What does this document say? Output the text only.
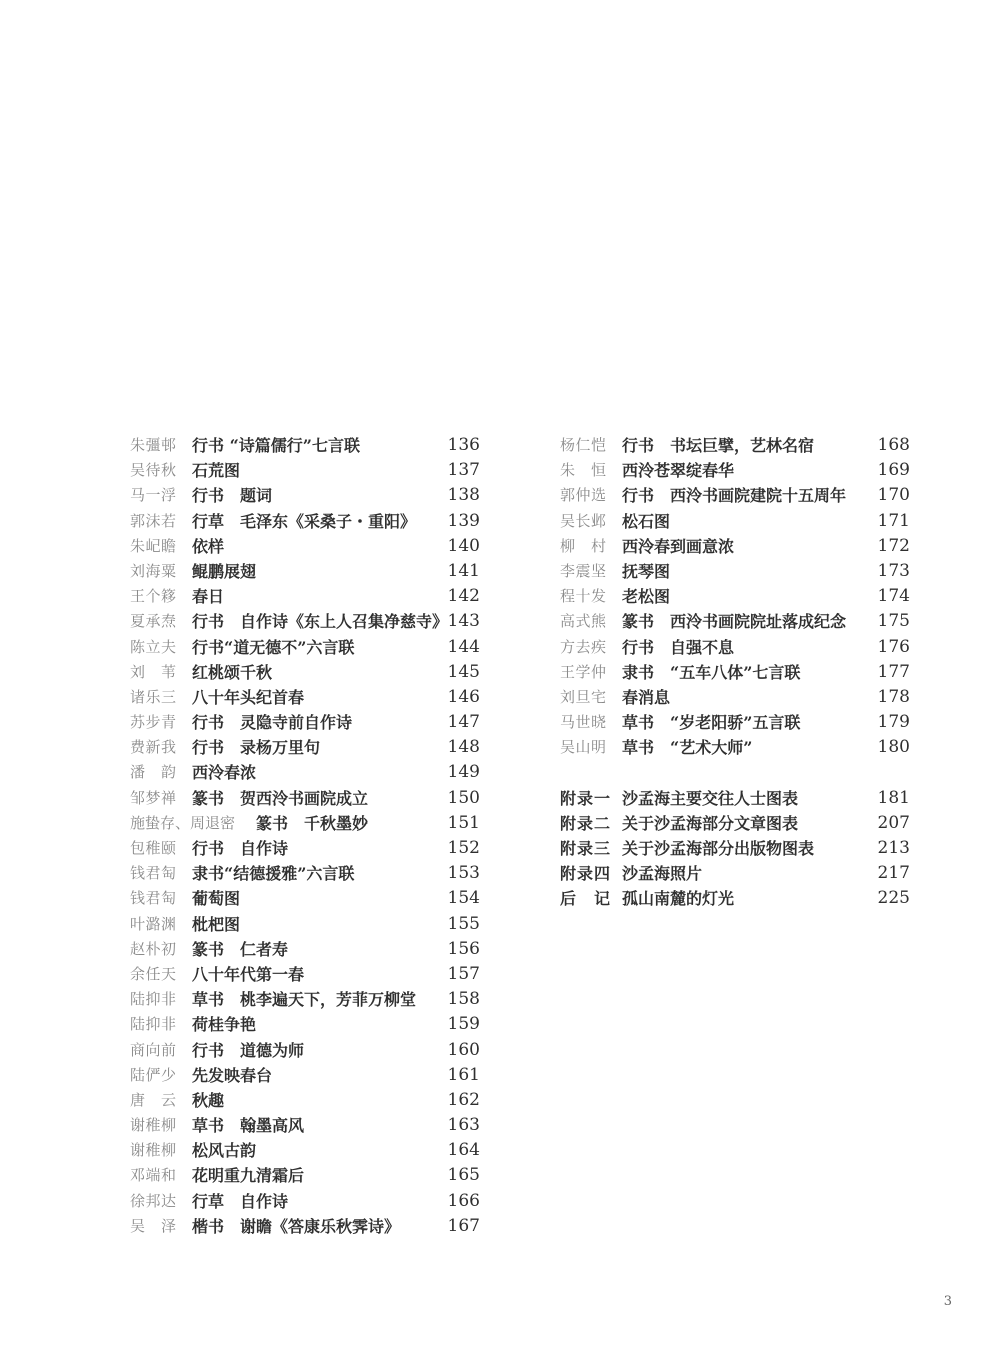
朱彊邨 行书 “诗篇儒行”七言联	136
吴待秋 石荒图	137
马一浮 行书　题词	138
郭沫若 行草　毛泽东《采桑子・重阳》 139
朱屺瞻 依样	140
刘海粟 鲲鹏展翅	141
王个簃 春日	142
夏承焘 行书　自作诗《东上人召集净慈寺》 143
陈立夫 行书“道无德不”六言联	144
刘　苇 红桃颂千秋	145
诸乐三 八十年头纪首春	146
苏步青 行书　灵隐寺前自作诗	147
费新我 行书　录杨万里句	148
潘　韵 西泠春浓	149
邹梦禅 篆书　贺西泠书画院成立	150
施蛰存、周退密 篆书　千秋墨妙	151
包稚颐 行书　自作诗	152
钱君匋 隶书“结德援雅”六言联	153
钱君匋 葡萄图	154
叶潞渊 枇杷图	155
赵朴初 篆书　仁者寿	156
余任天 八十年代第一春	157
陆抑非 草书　桃李遍天下，芳菲万柳堂 158
陆抑非 荷桂争艳	159
商向前 行书　道德为师	160
陆俨少 先发映春台	161
唐　云 秋趣	162
谢稚柳 草书　翰墨高风	163
谢稚柳 松风古韵	164
邓端和 花明重九清霜后	165
徐邦达 行草　自作诗	166
吴　泽 楷书　谢瞻《答康乐秋霁诗》	167
杨仁恺 行书　书坛巨擘，艺林名宿	168
朱　恒 西泠苍翠绽春华	169
郭仲选 行书　西泠书画院建院十五周年 170
吴长邺 松石图	171
柳　村 西泠春到画意浓	172
李震坚 抚琴图	173
程十发 老松图	174
高式熊 篆书　西泠书画院院址落成纪念 175
方去疾 行书　自强不息	176
王学仲 隶书　“五车八体”七言联	177
刘旦宅 春消息	178
马世晓 草书　“岁老阳骄”五言联	179
吴山明 草书　“艺术大师”	180
附录一 沙孟海主要交往人士图表	181
附录二 关于沙孟海部分文章图表	207
附录三 关于沙孟海部分出版物图表	213
附录四 沙孟海照片	217
后　记 孤山南麓的灯光	225
3
